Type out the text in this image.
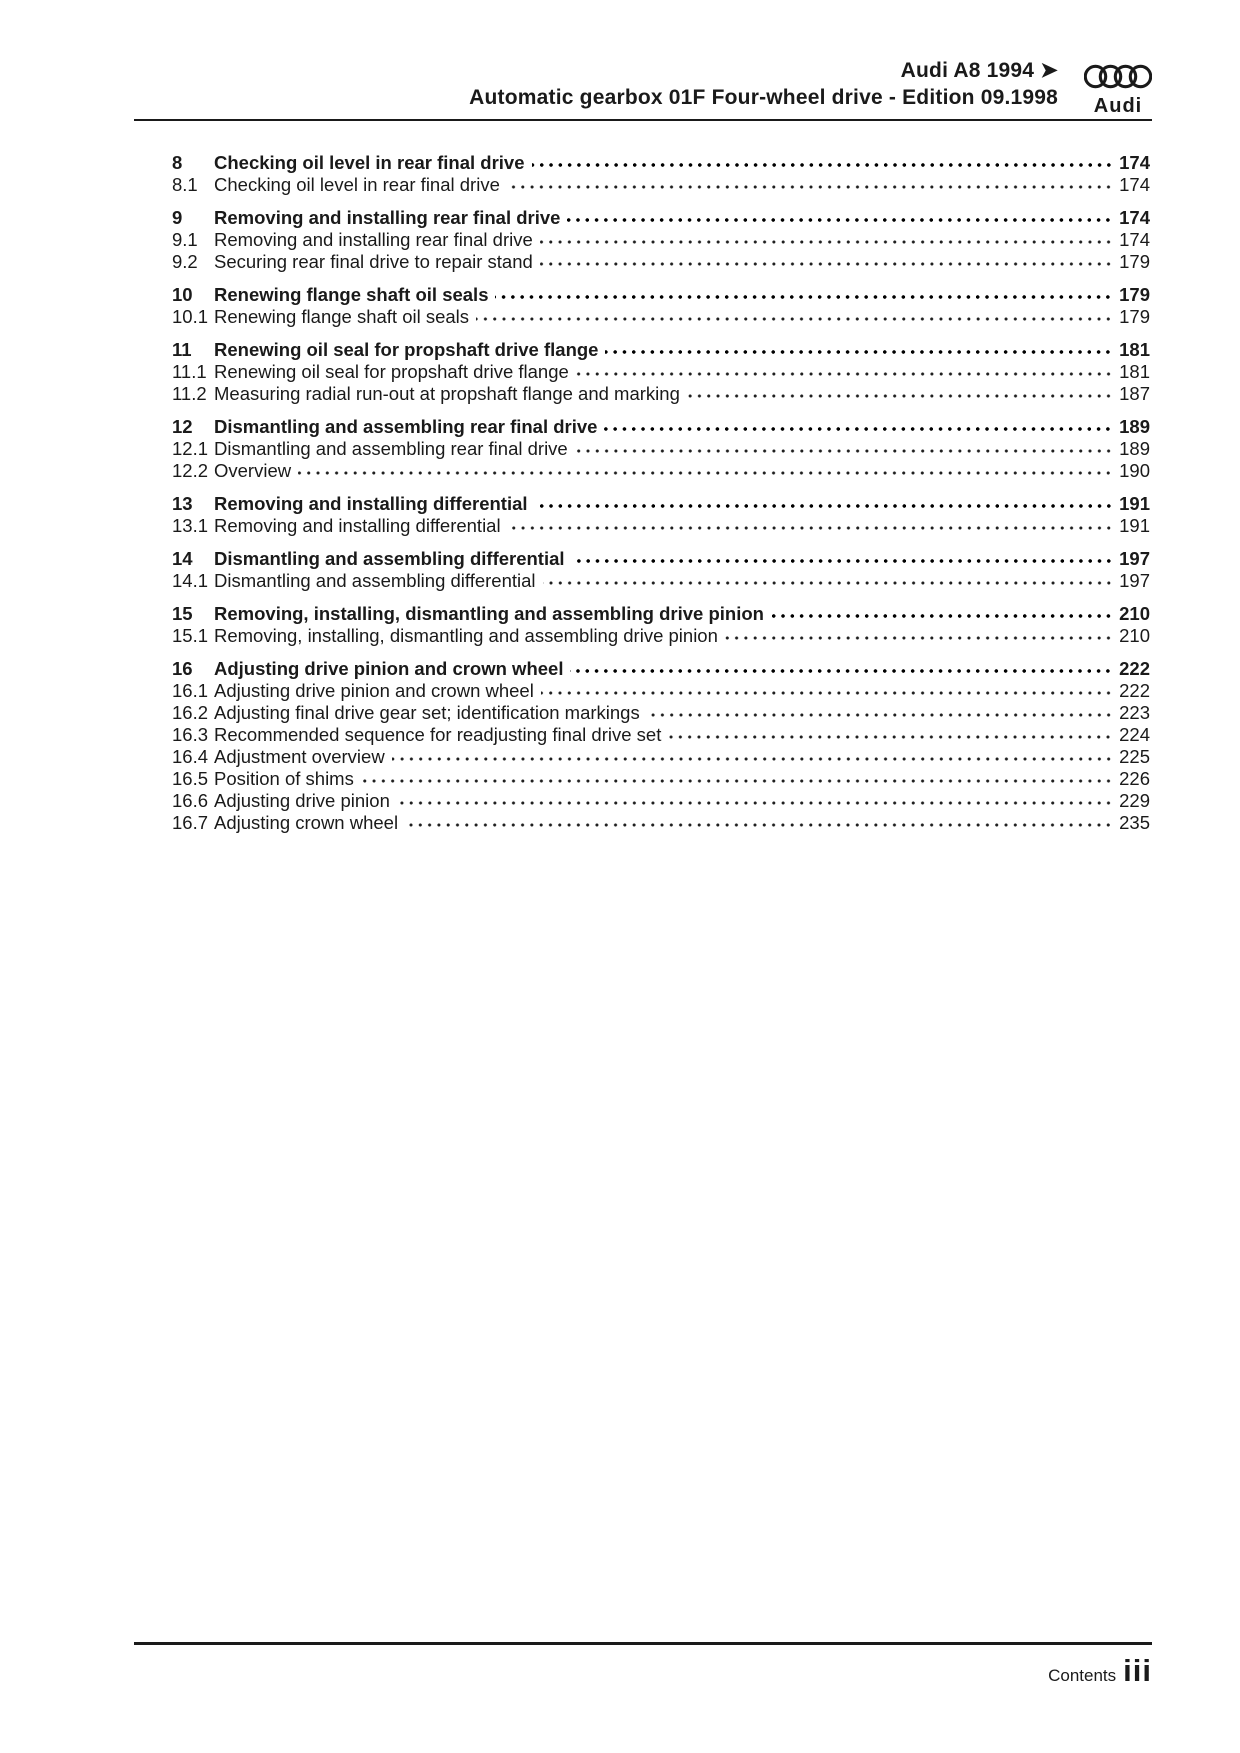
Audi A8 1994 ➤
Automatic gearbox 01F Four-wheel drive - Edition 09.1998 Audi
8	Checking oil level in rear final drive	174
8.1 Checking oil level in rear final drive	174
9	Removing and installing rear final drive	174
9.1 Removing and installing rear final drive	174
9.2 Securing rear final drive to repair stand	179
10	Renewing flange shaft oil seals	179
10.1 Renewing flange shaft oil seals	179
11	Renewing oil seal for propshaft drive flange	181
11.1 Renewing oil seal for propshaft drive flange	181
11.2 Measuring radial run-out at propshaft flange and marking	187
12	Dismantling and assembling rear final drive	189
12.1 Dismantling and assembling rear final drive	189
12.2 Overview	190
13	Removing and installing differential	191
13.1 Removing and installing differential	191
14	Dismantling and assembling differential	197
14.1 Dismantling and assembling differential	197
15	Removing, installing, dismantling and assembling drive pinion	210
15.1 Removing, installing, dismantling and assembling drive pinion	210
16	Adjusting drive pinion and crown wheel	222
16.1 Adjusting drive pinion and crown wheel	222
16.2 Adjusting final drive gear set; identification markings	223
16.3 Recommended sequence for readjusting final drive set	224
16.4 Adjustment overview	225
16.5 Position of shims	226
16.6 Adjusting drive pinion	229
16.7 Adjusting crown wheel	235
Contents iii
